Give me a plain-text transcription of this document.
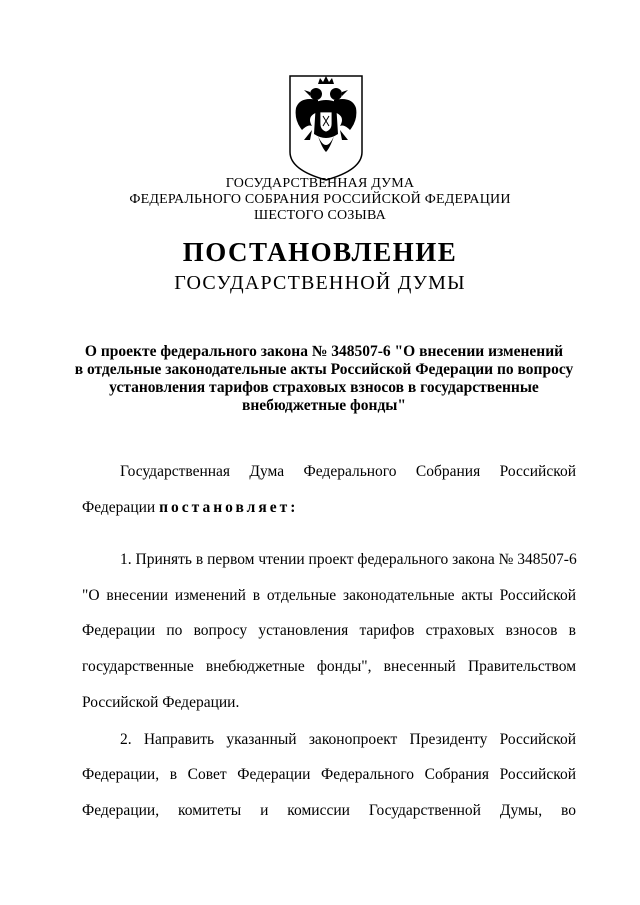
ГОСУДАРСТВЕННАЯ ДУМА
ФЕДЕРАЛЬНОГО СОБРАНИЯ РОССИЙСКОЙ ФЕДЕРАЦИИ
ШЕСТОГО СОЗЫВА
ПОСТАНОВЛЕНИЕ
ГОСУДАРСТВЕННОЙ ДУМЫ
О проекте федерального закона № 348507-6 "О внесении изменений
в отдельные законодательные акты Российской Федерации по вопросу
установления тарифов страховых взносов в государственные
внебюджетные фонды"
Государственная Дума Федерального Собрания Российской
Федерации постановляет:
1. Принять в первом чтении проект федерального закона № 348507-6
"О внесении изменений в отдельные законодательные акты Российской
Федерации по вопросу установления тарифов страховых взносов в
государственные внебюджетные фонды", внесенный Правительством
Российской Федерации.
2. Направить указанный законопроект Президенту Российской
Федерации, в Совет Федерации Федерального Собрания Российской
Федерации, комитеты и комиссии Государственной Думы, во
